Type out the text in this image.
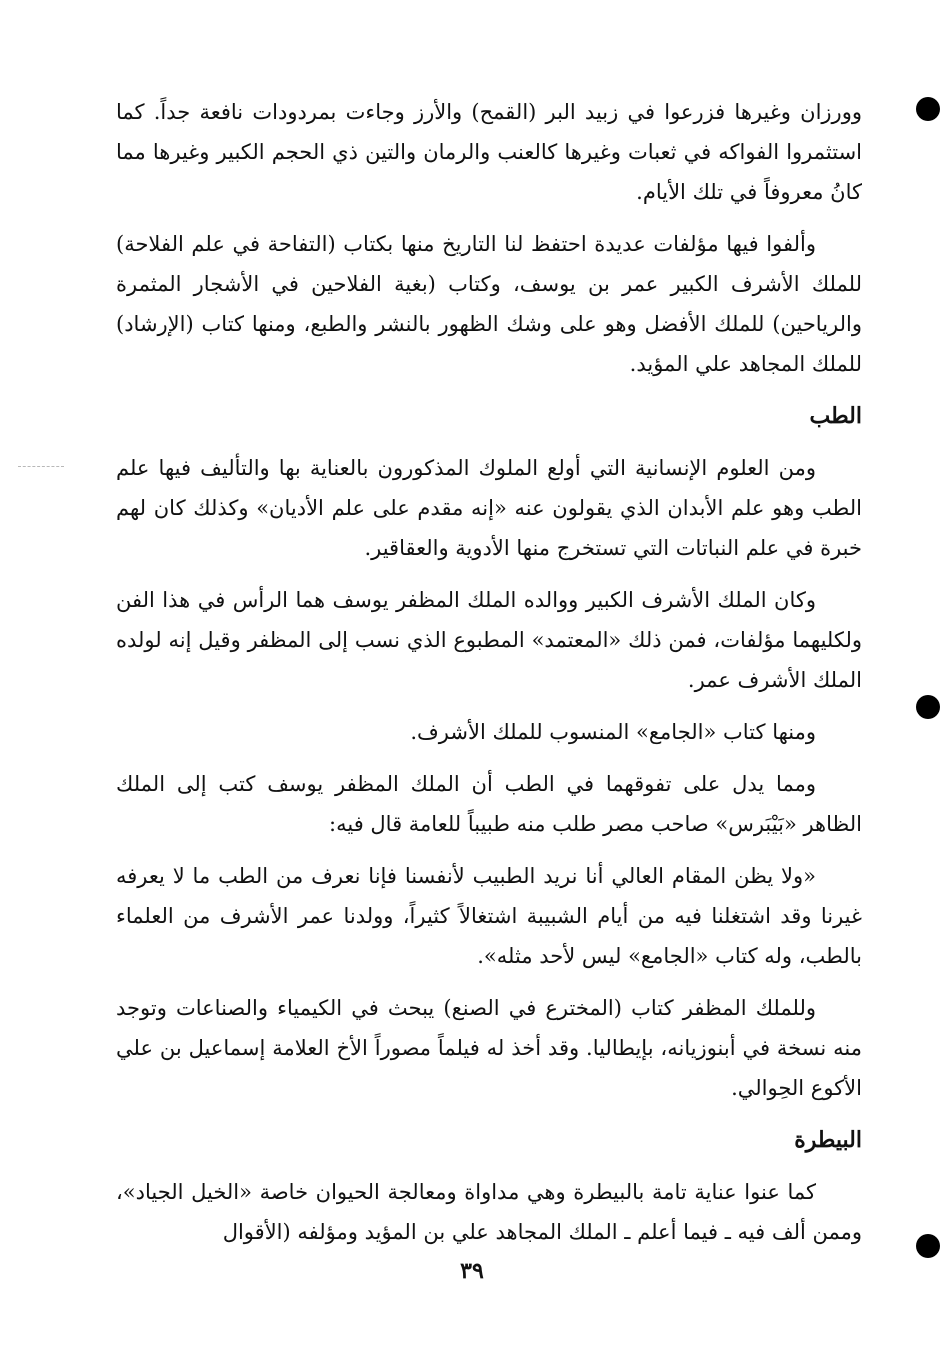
وورزان وغيرها فزرعوا في زبيد البر (القمح) والأرز وجاءت بمردودات نافعة جداً. كما استثمروا الفواكه في ثعبات وغيرها كالعنب والرمان والتين ذي الحجم الكبير وغيرها مما كانُ معروفاً في تلك الأيام.

وألفوا فيها مؤلفات عديدة احتفظ لنا التاريخ منها بكتاب (التفاحة في علم الفلاحة) للملك الأشرف الكبير عمر بن يوسف، وكتاب (بغية الفلاحين في الأشجار المثمرة والرياحين) للملك الأفضل وهو على وشك الظهور بالنشر والطبع، ومنها كتاب (الإرشاد) للملك المجاهد علي المؤيد.

الطب

ومن العلوم الإنسانية التي أولع الملوك المذكورون بالعناية بها والتأليف فيها علم الطب وهو علم الأبدان الذي يقولون عنه «إنه مقدم على علم الأديان» وكذلك كان لهم خبرة في علم النباتات التي تستخرج منها الأدوية والعقاقير.

وكان الملك الأشرف الكبير ووالده الملك المظفر يوسف هما الرأس في هذا الفن ولكليهما مؤلفات، فمن ذلك «المعتمد» المطبوع الذي نسب إلى المظفر وقيل إنه لولده الملك الأشرف عمر.

ومنها كتاب «الجامع» المنسوب للملك الأشرف.

ومما يدل على تفوقهما في الطب أن الملك المظفر يوسف كتب إلى الملك الظاهر «بَيْبَرس» صاحب مصر طلب منه طبيباً للعامة قال فيه:

«ولا يظن المقام العالي أنا نريد الطبيب لأنفسنا فإنا نعرف من الطب ما لا يعرفه غيرنا وقد اشتغلنا فيه من أيام الشبيبة اشتغالاً كثيراً، وولدنا عمر الأشرف من العلماء بالطب، وله كتاب «الجامع» ليس لأحد مثله».

وللملك المظفر كتاب (المخترع في الصنع) يبحث في الكيمياء والصناعات وتوجد منه نسخة في أبنوزيانه، بإيطاليا. وقد أخذ له فيلماً مصوراً الأخ العلامة إسماعيل بن علي الأكوع الحِوالي.

البيطرة

كما عنوا عناية تامة بالبيطرة وهي مداواة ومعالجة الحيوان خاصة «الخيل الجياد»، وممن ألف فيه ـ فيما أعلم ـ الملك المجاهد علي بن المؤيد ومؤلفه (الأقوال

٣٩
